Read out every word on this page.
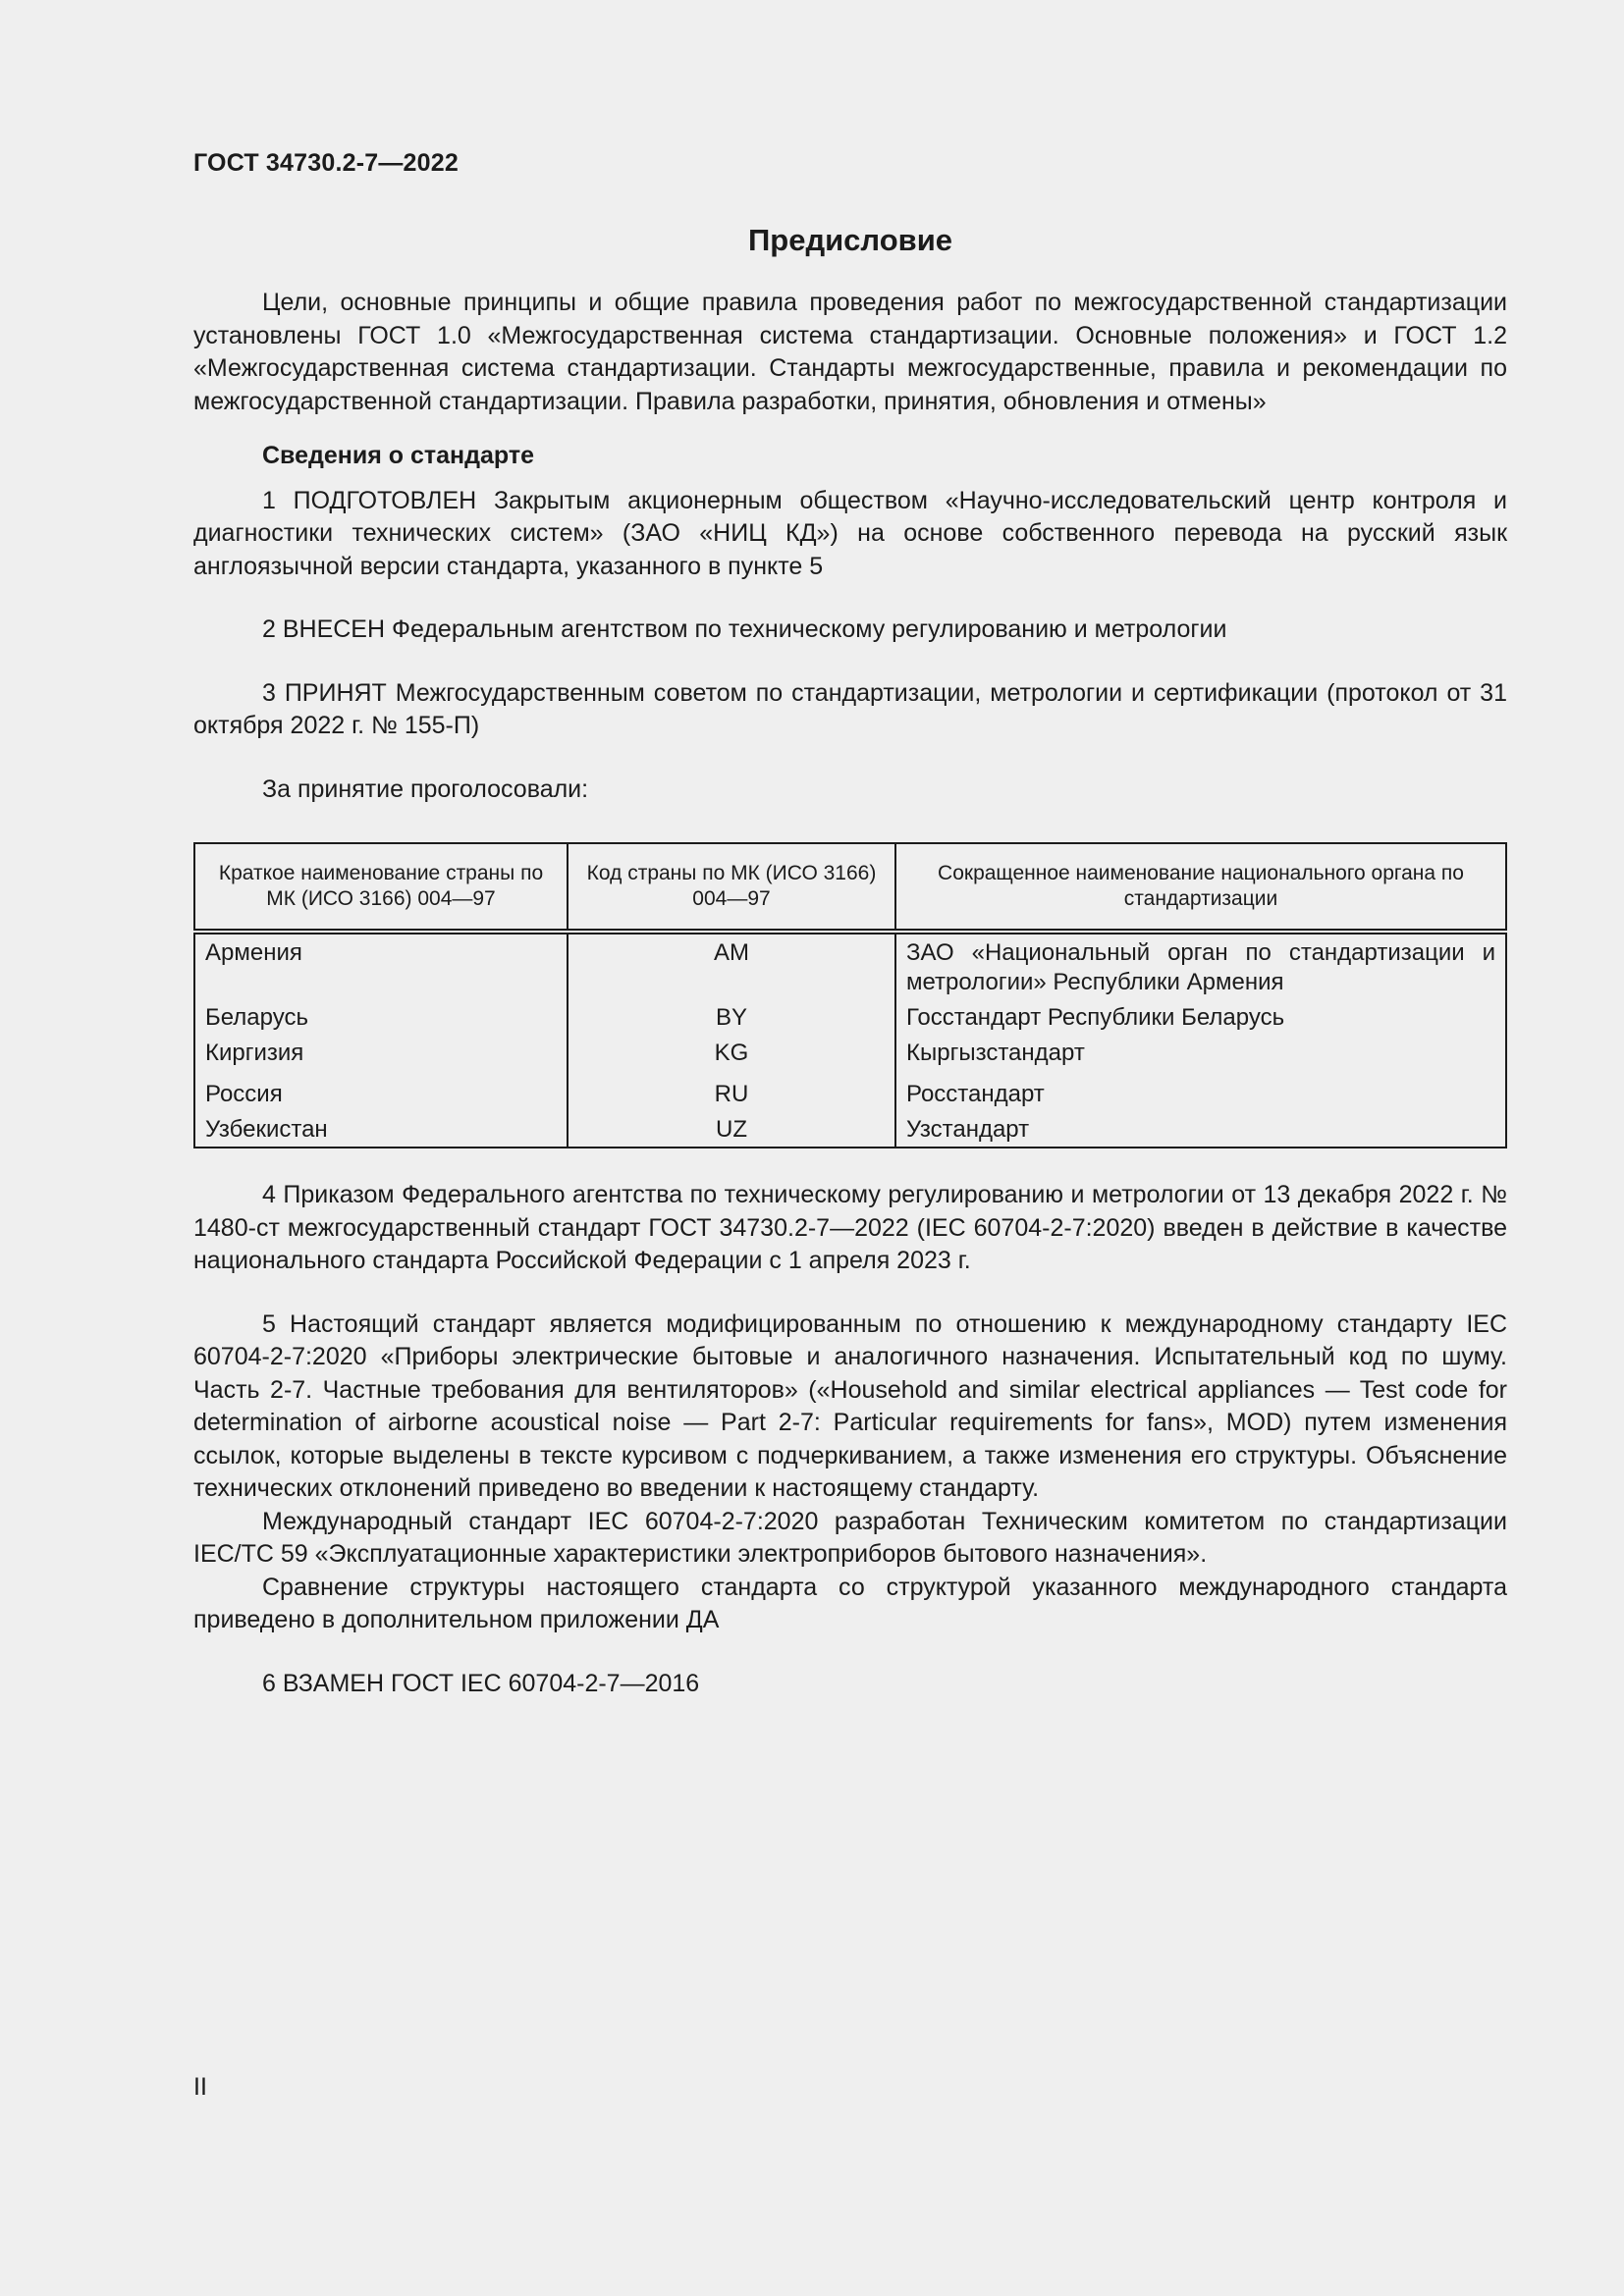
ГОСТ 34730.2-7—2022
Предисловие

Цели, основные принципы и общие правила проведения работ по межгосударственной стандартизации установлены ГОСТ 1.0 «Межгосударственная система стандартизации. Основные положения» и ГОСТ 1.2 «Межгосударственная система стандартизации. Стандарты межгосударственные, правила и рекомендации по межгосударственной стандартизации. Правила разработки, принятия, обновления и отмены»

Сведения о стандарте

1 ПОДГОТОВЛЕН Закрытым акционерным обществом «Научно-исследовательский центр контроля и диагностики технических систем» (ЗАО «НИЦ КД») на основе собственного перевода на русский язык англоязычной версии стандарта, указанного в пункте 5

2 ВНЕСЕН Федеральным агентством по техническому регулированию и метрологии

3 ПРИНЯТ Межгосударственным советом по стандартизации, метрологии и сертификации (протокол от 31 октября 2022 г. № 155-П)

За принятие проголосовали:

Краткое наименование страны по МК (ИСО 3166) 004—97	Код страны по МК (ИСО 3166) 004—97	Сокращенное наименование национального органа по стандартизации
Армения	AM	ЗАО «Национальный орган по стандартизации и метрологии» Республики Армения
Беларусь	BY	Госстандарт Республики Беларусь
Киргизия	KG	Кыргызстандарт
Россия	RU	Росстандарт
Узбекистан	UZ	Узстандарт

4 Приказом Федерального агентства по техническому регулированию и метрологии от 13 декабря 2022 г. № 1480-ст межгосударственный стандарт ГОСТ 34730.2-7—2022 (IEC 60704-2-7:2020) введен в действие в качестве национального стандарта Российской Федерации с 1 апреля 2023 г.

5 Настоящий стандарт является модифицированным по отношению к международному стандарту IEC 60704-2-7:2020 «Приборы электрические бытовые и аналогичного назначения. Испытательный код по шуму. Часть 2-7. Частные требования для вентиляторов» («Household and similar electrical appliances — Test code for determination of airborne acoustical noise — Part 2-7: Particular requirements for fans», MOD) путем изменения ссылок, которые выделены в тексте курсивом с подчеркиванием, а также изменения его структуры. Объяснение технических отклонений приведено во введении к настоящему стандарту.

Международный стандарт IEC 60704-2-7:2020 разработан Техническим комитетом по стандартизации IEC/TC 59 «Эксплуатационные характеристики электроприборов бытового назначения».

Сравнение структуры настоящего стандарта со структурой указанного международного стандарта приведено в дополнительном приложении ДА

6 ВЗАМЕН ГОСТ IEC 60704-2-7—2016

II
